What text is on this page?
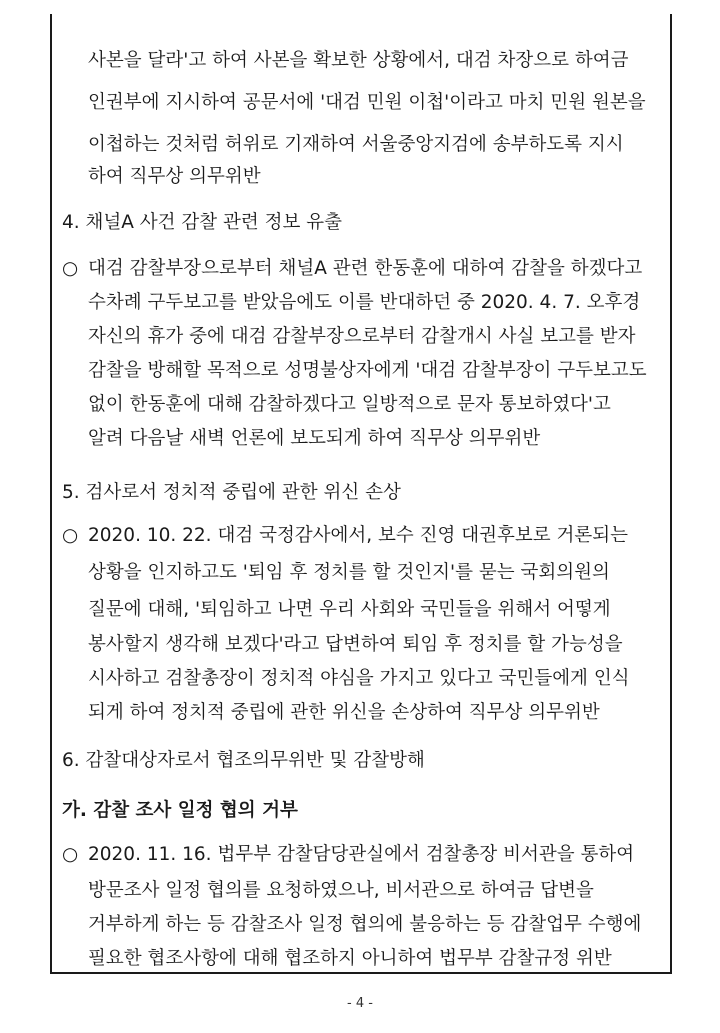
사본을 달라'고 하여 사본을 확보한 상황에서, 대검 차장으로 하여금
인권부에 지시하여 공문서에 '대검 민원 이첩'이라고 마치 민원 원본을
이첩하는 것처럼 허위로 기재하여 서울중앙지검에 송부하도록 지시
하여 직무상 의무위반
4. 채널A 사건 감찰 관련 정보 유출
○ 대검 감찰부장으로부터 채널A 관련 한동훈에 대하여 감찰을 하겠다고
수차례 구두보고를 받았음에도 이를 반대하던 중 2020. 4. 7. 오후경
자신의 휴가 중에 대검 감찰부장으로부터 감찰개시 사실 보고를 받자
감찰을 방해할 목적으로 성명불상자에게 '대검 감찰부장이 구두보고도
없이 한동훈에 대해 감찰하겠다고 일방적으로 문자 통보하였다'고
알려 다음날 새벽 언론에 보도되게 하여 직무상 의무위반
5. 검사로서 정치적 중립에 관한 위신 손상
○ 2020. 10. 22. 대검 국정감사에서, 보수 진영 대권후보로 거론되는
상황을 인지하고도 '퇴임 후 정치를 할 것인지'를 묻는 국회의원의
질문에 대해, '퇴임하고 나면 우리 사회와 국민들을 위해서 어떻게
봉사할지 생각해 보겠다'라고 답변하여 퇴임 후 정치를 할 가능성을
시사하고 검찰총장이 정치적 야심을 가지고 있다고 국민들에게 인식
되게 하여 정치적 중립에 관한 위신을 손상하여 직무상 의무위반
6. 감찰대상자로서 협조의무위반 및 감찰방해
가. 감찰 조사 일정 협의 거부
○ 2020. 11. 16. 법무부 감찰담당관실에서 검찰총장 비서관을 통하여
방문조사 일정 협의를 요청하였으나, 비서관으로 하여금 답변을
거부하게 하는 등 감찰조사 일정 협의에 불응하는 등 감찰업무 수행에
필요한 협조사항에 대해 협조하지 아니하여 법무부 감찰규정 위반
- 4 -
